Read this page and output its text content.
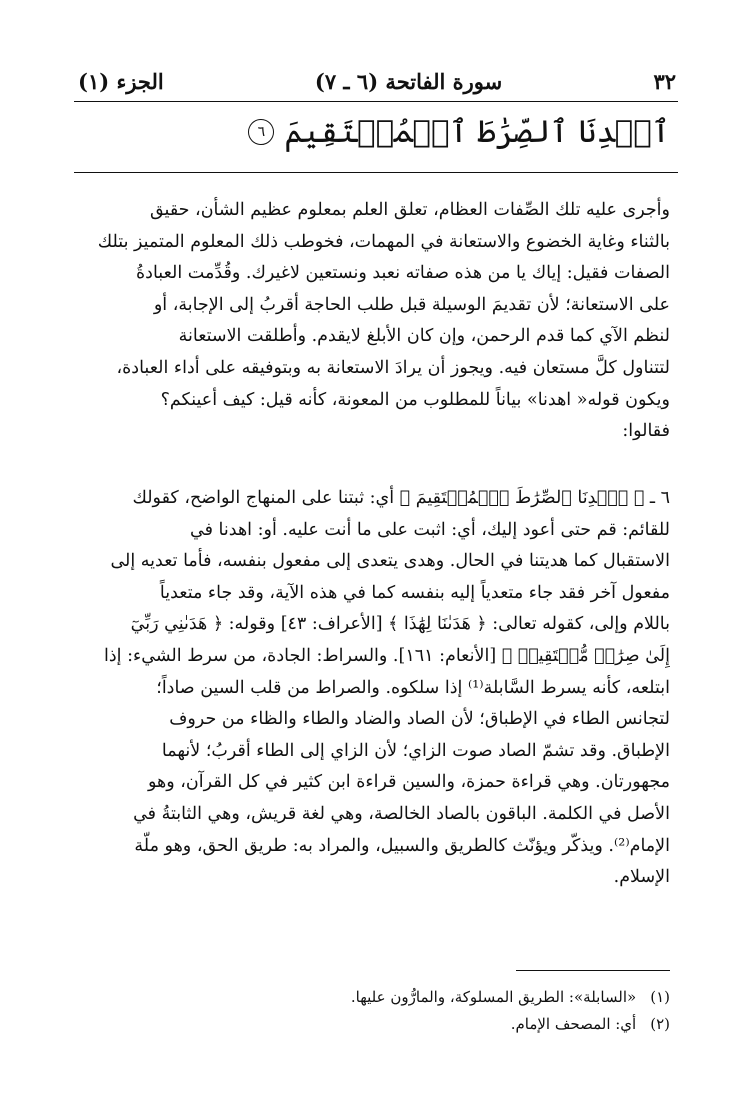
٣٢
سورة الفاتحة (٦ ـ ٧)
الجزء (١)
ٱهۡدِنَا ٱلصِّرَٰطَ ٱلۡمُسۡتَقِيمَ
٦
وأجرى عليه تلك الصِّفات العظام، تعلق العلم بمعلوم عظيم الشأن، حقيق
بالثناء وغاية الخضوع والاستعانة في المهمات، فخوطب ذلك المعلوم المتميز بتلك
الصفات فقيل: إياك يا من هذه صفاته نعبد ونستعين لاغيرك. وقُدِّمت العبادةُ
على الاستعانة؛ لأن تقديمَ الوسيلة قبل طلب الحاجة أقربُ إلى الإجابة، أو
لنظم الآي كما قدم الرحمن، وإن كان الأبلغ لايقدم. وأطلقت الاستعانة
لتتناول كلَّ مستعان فيه. ويجوز أن يرادَ الاستعانة به وبتوفيقه على أداء العبادة،
ويكون قوله« اهدنا» بياناً للمطلوب من المعونة، كأنه قيل: كيف أعينكم؟
فقالوا:
٦ ـ ﴿ ٱهۡدِنَا ٱلصِّرَٰطَ ٱلۡمُسۡتَقِيمَ ﴾ أي: ثبتنا على المنهاج الواضح، كقولك
للقائم: قم حتى أعود إليك، أي: اثبت على ما أنت عليه. أو: اهدنا في
الاستقبال كما هديتنا في الحال. وهدى يتعدى إلى مفعول بنفسه، فأما تعديه إلى
مفعول آخر فقد جاء متعدياً إليه بنفسه كما في هذه الآية، وقد جاء متعدياً
باللام وإلى، كقوله تعالى: ﴿ هَدَىٰنَا لِهَٰذَا ﴾ [الأعراف: ٤٣] وقوله: ﴿ هَدَىٰنِي رَبِّيٓ
إِلَىٰ صِرَٰطٖ مُّسۡتَقِيمٖ ﴾ [الأنعام: ١٦١]. والسراط: الجادة، من سرط الشيء: إذا
ابتلعه، كأنه يسرط السَّابلة⁽¹⁾ إذا سلكوه. والصراط من قلب السين صاداً؛
لتجانس الطاء في الإطباق؛ لأن الصاد والضاد والطاء والظاء من حروف
الإطباق. وقد تشمّ الصاد صوت الزاي؛ لأن الزاي إلى الطاء أقربُ؛ لأنهما
مجهورتان. وهي قراءة حمزة، والسين قراءة ابن كثير في كل القرآن، وهو
الأصل في الكلمة. الباقون بالصاد الخالصة، وهي لغة قريش، وهي الثابتةُ في
الإمام⁽²⁾. ويذكّر ويؤنّث كالطريق والسبيل، والمراد به: طريق الحق، وهو ملّة
الإسلام.
(١)
«السابلة»: الطريق المسلوكة، والمارُّون عليها.
(٢)
أي: المصحف الإمام.
